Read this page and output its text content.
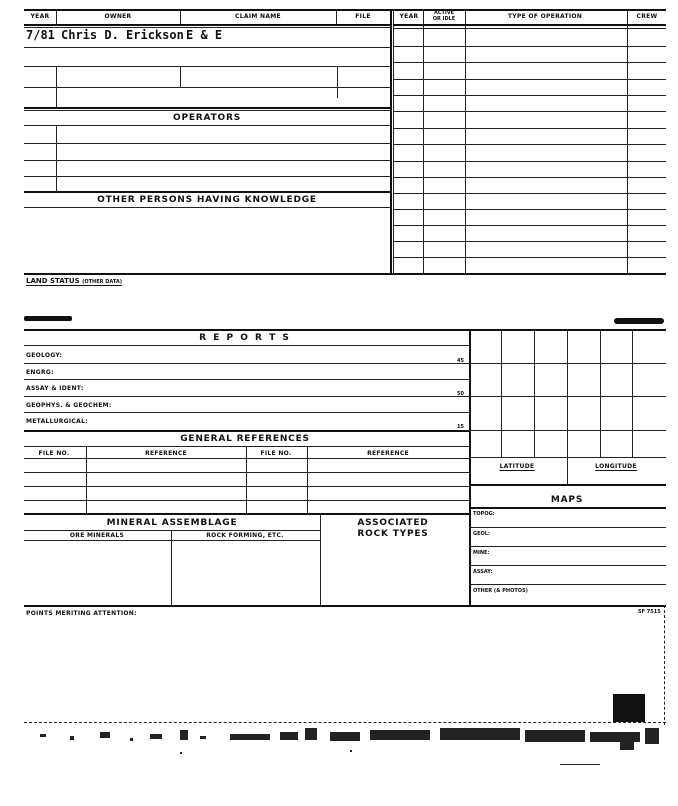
YEAR	OWNER	CLAIM NAME	FILE
7/81 Chris D. Erickson E & E
OPERATORS
OTHER PERSONS HAVING KNOWLEDGE
YEAR	ACTIVE
OR IDLE	TYPE OF OPERATION	CREW
LAND STATUS (OTHER DATA)
R E P O R T S
GEOLOGY:
45
ENGRG:
ASSAY & IDENT:
50
GEOPHYS. & GEOCHEM:
METALLURGICAL:
15
GENERAL REFERENCES
FILE NO.	REFERENCE	FILE NO.	REFERENCE
LATITUDE	LONGITUDE
MAPS
TOPOG:
GEOL:
MINE:
ASSAY:
OTHER (& PHOTOS)
MINERAL ASSEMBLAGE
ORE MINERALS	ROCK FORMING, ETC.
ASSOCIATED
ROCK TYPES
POINTS MERITING ATTENTION:	SF 7515
